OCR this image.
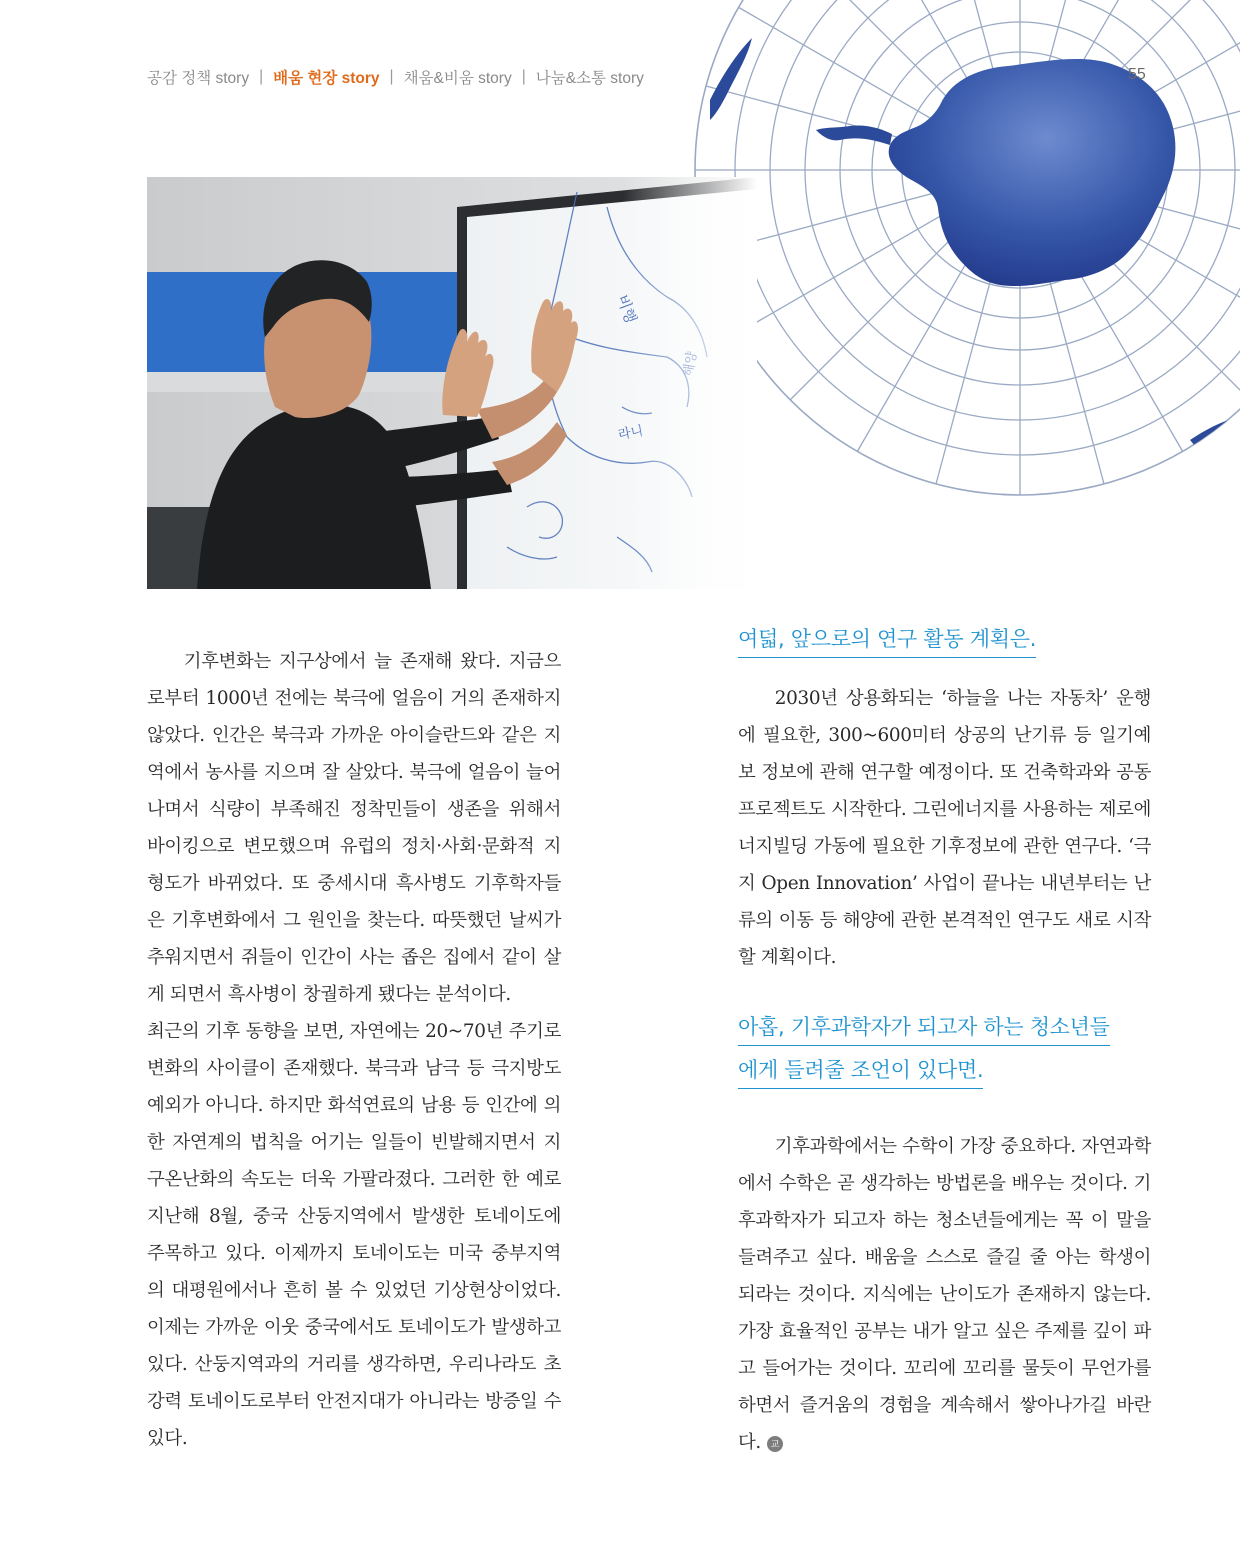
공감 정책 story | 배움 현장 story | 채움&비움 story | 나눔&소통 story	55

기후변화는 지구상에서 늘 존재해 왔다. 지금으로부터 1000년 전에는 북극에 얼음이 거의 존재하지 않았다. 인간은 북극과 가까운 아이슬란드와 같은 지역에서 농사를 지으며 잘 살았다. 북극에 얼음이 늘어나며서 식량이 부족해진 정착민들이 생존을 위해서 바이킹으로 변모했으며 유럽의 정치·사회·문화적 지형도가 바뀌었다. 또 중세시대 흑사병도 기후학자들은 기후변화에서 그 원인을 찾는다. 따뜻했던 날씨가 추워지면서 쥐들이 인간이 사는 좁은 집에서 같이 살게 되면서 흑사병이 창궐하게 됐다는 분석이다.

최근의 기후 동향을 보면, 자연에는 20~70년 주기로 변화의 사이클이 존재했다. 북극과 남극 등 극지방도 예외가 아니다. 하지만 화석연료의 남용 등 인간에 의한 자연계의 법칙을 어기는 일들이 빈발해지면서 지구온난화의 속도는 더욱 가팔라졌다. 그러한 한 예로 지난해 8월, 중국 산둥지역에서 발생한 토네이도에 주목하고 있다. 이제까지 토네이도는 미국 중부지역의 대평원에서나 흔히 볼 수 있었던 기상현상이었다. 이제는 가까운 이웃 중국에서도 토네이도가 발생하고 있다. 산둥지역과의 거리를 생각하면, 우리나라도 초강력 토네이도로부터 안전지대가 아니라는 방증일 수 있다.

여덟, 앞으로의 연구 활동 계획은.

2030년 상용화되는 ‘하늘을 나는 자동차’ 운행에 필요한, 300~600미터 상공의 난기류 등 일기예보 정보에 관해 연구할 예정이다. 또 건축학과와 공동 프로젝트도 시작한다. 그린에너지를 사용하는 제로에너지빌딩 가동에 필요한 기후정보에 관한 연구다. ‘극지 Open Innovation’ 사업이 끝나는 내년부터는 난류의 이동 등 해양에 관한 본격적인 연구도 새로 시작할 계획이다.

아홉, 기후과학자가 되고자 하는 청소년들
에게 들려줄 조언이 있다면.

기후과학에서는 수학이 가장 중요하다. 자연과학에서 수학은 곧 생각하는 방법론을 배우는 것이다. 기후과학자가 되고자 하는 청소년들에게는 꼭 이 말을 들려주고 싶다. 배움을 스스로 즐길 줄 아는 학생이 되라는 것이다. 지식에는 난이도가 존재하지 않는다. 가장 효율적인 공부는 내가 알고 싶은 주제를 깊이 파고 들어가는 것이다. 꼬리에 꼬리를 물듯이 무언가를 하면서 즐거움의 경험을 계속해서 쌓아나가길 바란다. 교
